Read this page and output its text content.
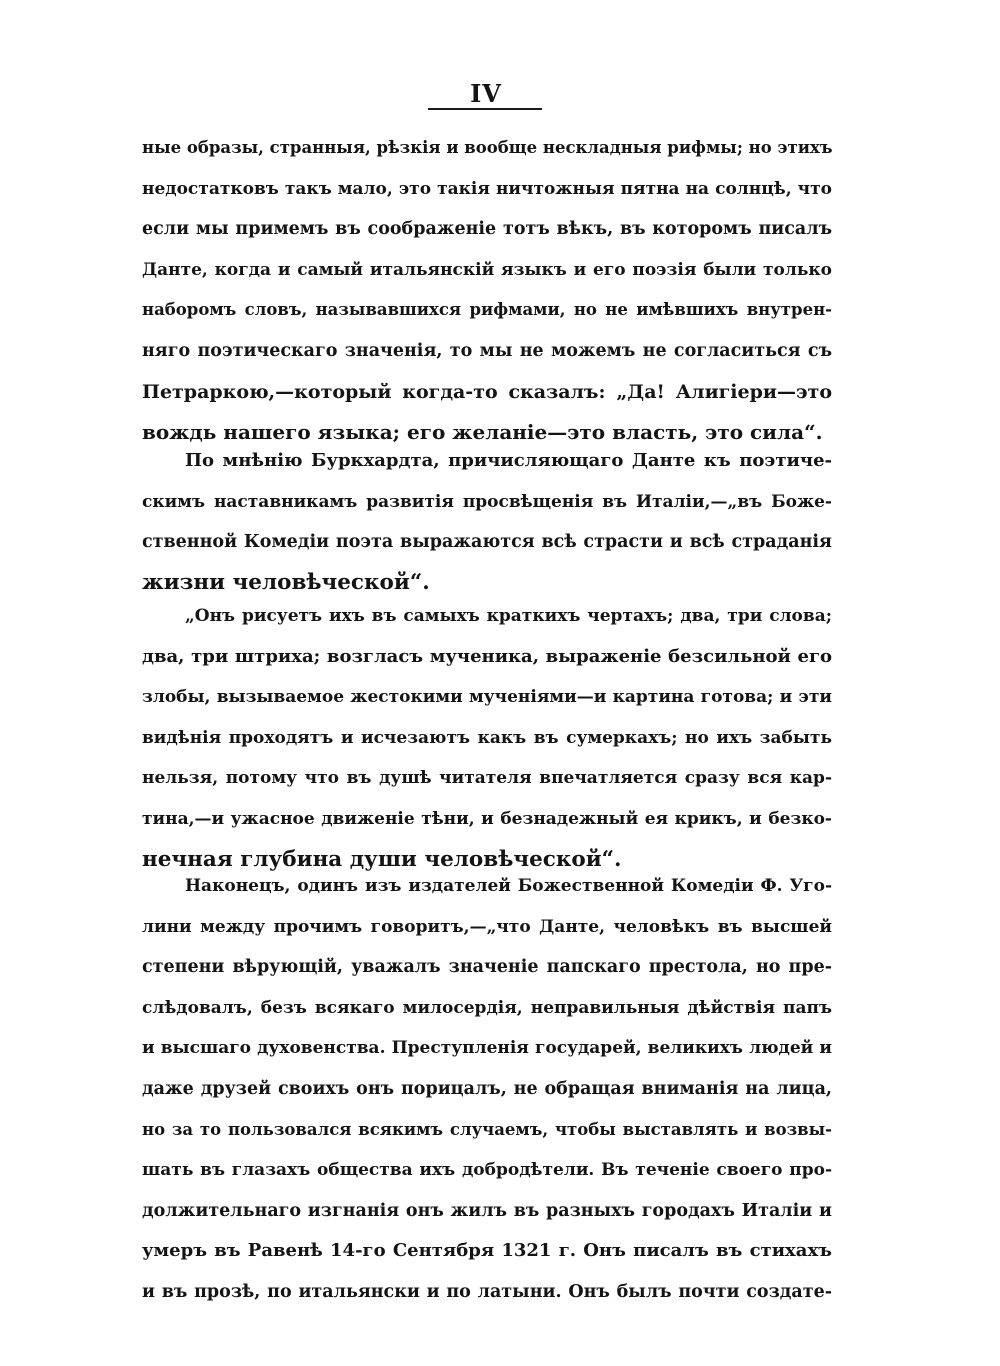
IV
ные образы, странныя, рѣзкія и вообще нескладныя рифмы; но этихъ
недостатковъ такъ мало, это такія ничтожныя пятна на солнцѣ, что
если мы примемъ въ соображеніе тотъ вѣкъ, въ которомъ писалъ
Данте, когда и самый итальянскій языкъ и его поэзія были только
наборомъ словъ, называвшихся рифмами, но не имѣвшихъ внутрен-
няго поэтическаго значенія, то мы не можемъ не согласиться съ
Петраркою,—который когда-то сказалъ: „Да! Алигіери—это
вождь нашего языка; его желаніе—это власть, это сила“.
По мнѣнію Буркхардта, причисляющаго Данте къ поэтиче-
скимъ наставникамъ развитія просвѣщенія въ Италіи,—„въ Боже-
ственной Комедіи поэта выражаются всѣ страсти и всѣ страданія
жизни человѣческой“.
„Онъ рисуетъ ихъ въ самыхъ краткихъ чертахъ; два, три слова;
два, три штриха; возгласъ мученика, выраженіе безсильной его
злобы, вызываемое жестокими мученіями—и картина готова; и эти
видѣнія проходятъ и исчезаютъ какъ въ сумеркахъ; но ихъ забыть
нельзя, потому что въ душѣ читателя впечатляется сразу вся кар-
тина,—и ужасное движеніе тѣни, и безнадежный ея крикъ, и безко-
нечная глубина души человѣческой“.
Наконецъ, одинъ изъ издателей Божественной Комедіи Ф. Уго-
лини между прочимъ говоритъ,—„что Данте, человѣкъ въ высшей
степени вѣрующій, уважалъ значеніе папскаго престола, но пре-
слѣдовалъ, безъ всякаго милосердія, неправильныя дѣйствія папъ
и высшаго духовенства. Преступленія государей, великихъ людей и
даже друзей своихъ онъ порицалъ, не обращая вниманія на лица,
но за то пользовался всякимъ случаемъ, чтобы выставлять и возвы-
шать въ глазахъ общества ихъ добродѣтели. Въ теченіе своего про-
должительнаго изгнанія онъ жилъ въ разныхъ городахъ Италіи и
умеръ въ Равенѣ 14-го Сентября 1321 г. Онъ писалъ въ стихахъ
и въ прозѣ, по итальянски и по латыни. Онъ былъ почти создате-
